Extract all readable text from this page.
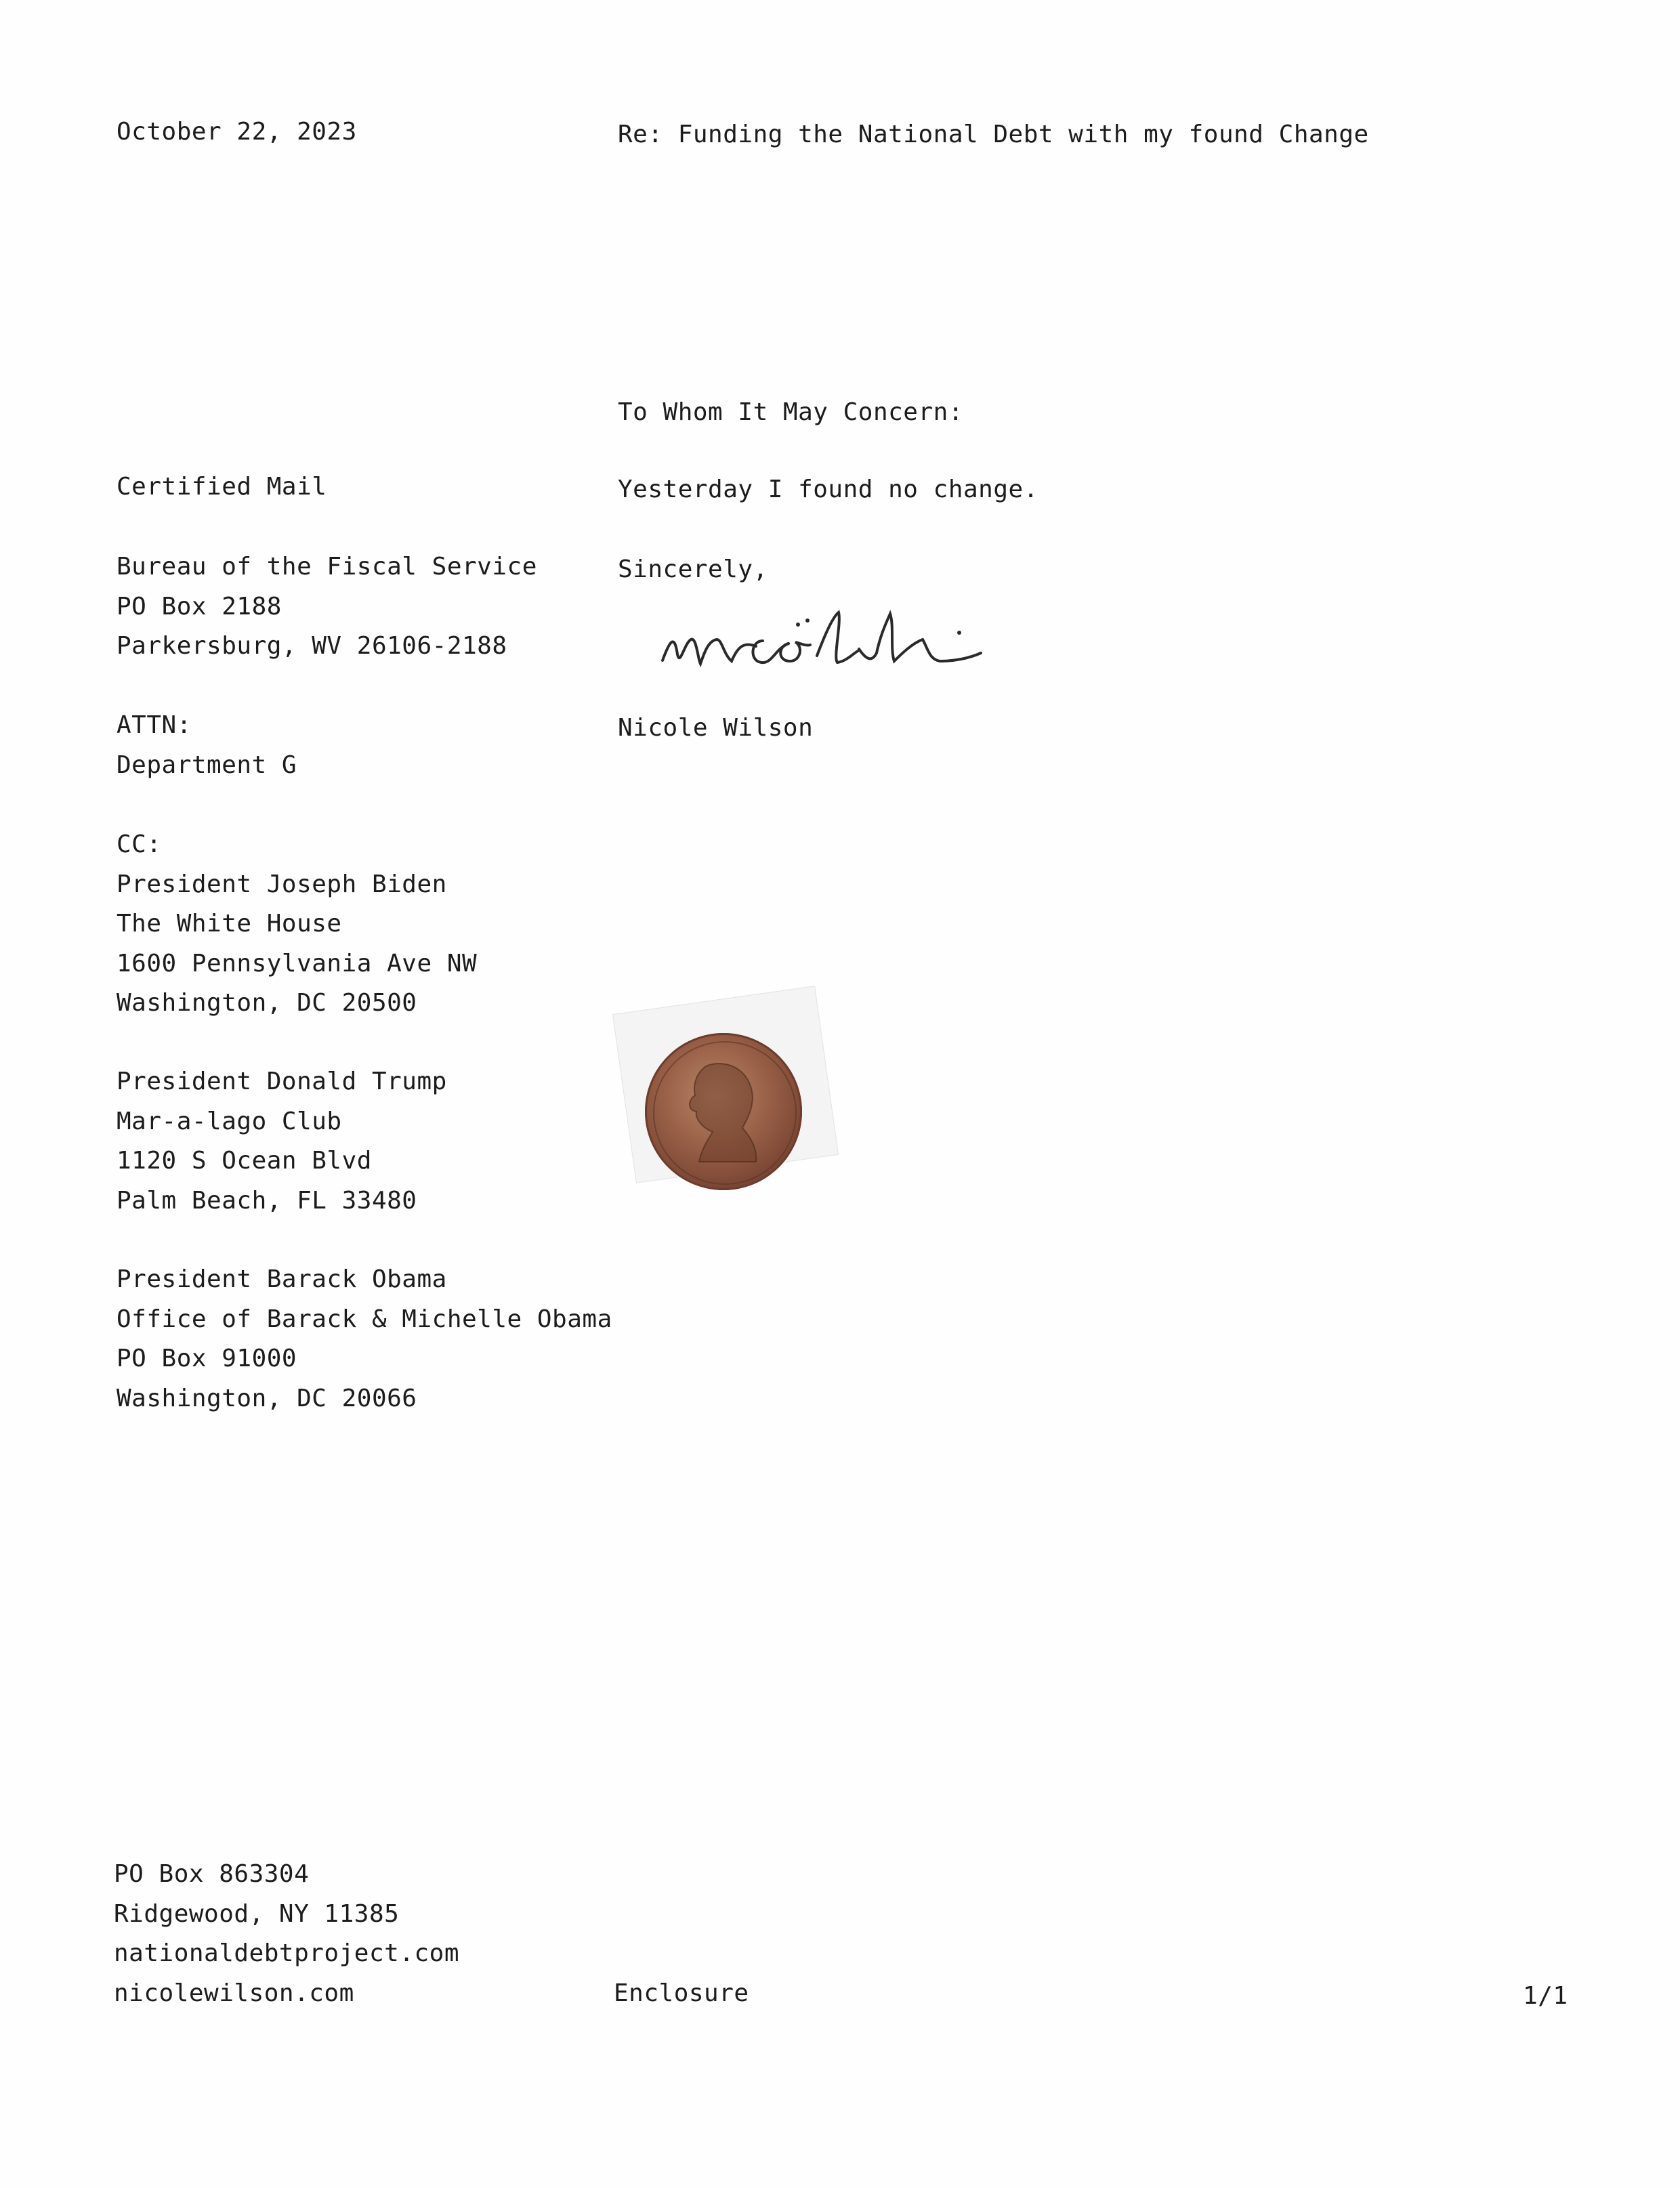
October 22, 2023	Re: Funding the National Debt with my found Change
To Whom It May Concern:
Yesterday I found no change.
Sincerely,
Nicole Wilson
Certified Mail
Bureau of the Fiscal Service
PO Box 2188
Parkersburg, WV 26106-2188
ATTN:
Department G
CC:
President Joseph Biden
The White House
1600 Pennsylvania Ave NW
Washington, DC 20500
President Donald Trump
Mar-a-lago Club
1120 S Ocean Blvd
Palm Beach, FL 33480
President Barack Obama
Office of Barack & Michelle Obama
PO Box 91000
Washington, DC 20066
PO Box 863304
Ridgewood, NY 11385
nationaldebtproject.com
nicolewilson.com	Enclosure	1/1
